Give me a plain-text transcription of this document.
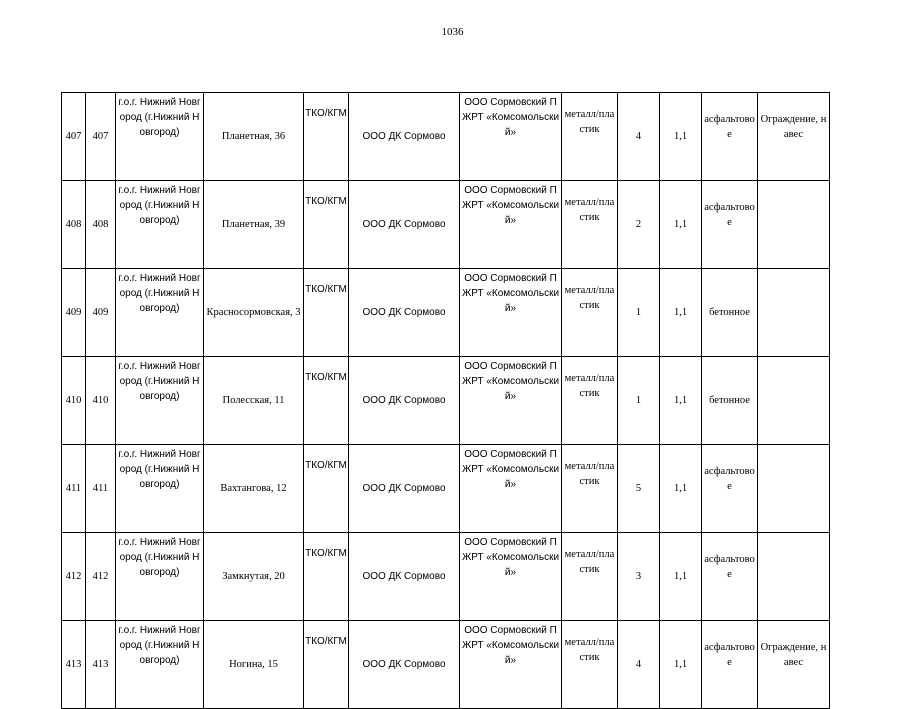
1036
407	407	г.о.г. Нижний Новгород (г.Нижний Новгород)	Планетная, 36	ТКО/КГМ	ООО ДК Сормово	ООО Сормовский ПЖРТ «Комсомольский»	металл/пластик	4	1,1	асфальтовое	Ограждение, навес
408	408	г.о.г. Нижний Новгород (г.Нижний Новгород)	Планетная, 39	ТКО/КГМ	ООО ДК Сормово	ООО Сормовский ПЖРТ «Комсомольский»	металл/пластик	2	1,1	асфальтовое	
409	409	г.о.г. Нижний Новгород (г.Нижний Новгород)	Красносормовская, 3	ТКО/КГМ	ООО ДК Сормово	ООО Сормовский ПЖРТ «Комсомольский»	металл/пластик	1	1,1	бетонное	
410	410	г.о.г. Нижний Новгород (г.Нижний Новгород)	Полесская, 11	ТКО/КГМ	ООО ДК Сормово	ООО Сормовский ПЖРТ «Комсомольский»	металл/пластик	1	1,1	бетонное	
411	411	г.о.г. Нижний Новгород (г.Нижний Новгород)	Вахтангова, 12	ТКО/КГМ	ООО ДК Сормово	ООО Сормовский ПЖРТ «Комсомольский»	металл/пластик	5	1,1	асфальтовое	
412	412	г.о.г. Нижний Новгород (г.Нижний Новгород)	Замкнутая, 20	ТКО/КГМ	ООО ДК Сормово	ООО Сормовский ПЖРТ «Комсомольский»	металл/пластик	3	1,1	асфальтовое	
413	413	г.о.г. Нижний Новгород (г.Нижний Новгород)	Ногина, 15	ТКО/КГМ	ООО ДК Сормово	ООО Сормовский ПЖРТ «Комсомольский»	металл/пластик	4	1,1	асфальтовое	Ограждение, навес
